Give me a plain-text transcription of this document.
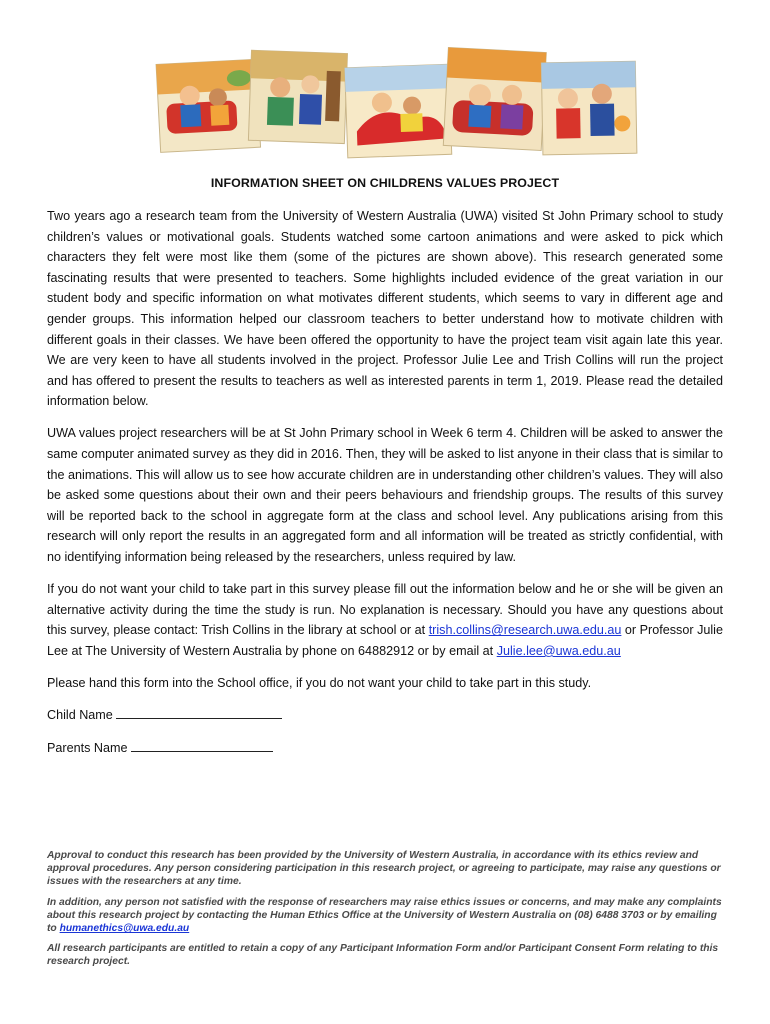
INFORMATION SHEET ON CHILDRENS VALUES PROJECT

Two years ago a research team from the University of Western Australia (UWA) visited St John Primary school to study children’s values or motivational goals. Students watched some cartoon animations and were asked to pick which characters they felt were most like them (some of the pictures are shown above). This research generated some fascinating results that were presented to teachers. Some highlights included evidence of the great variation in our student body and specific information on what motivates different students, which seems to vary in different age and gender groups. This information helped our classroom teachers to better understand how to motivate children with different goals in their classes. We have been offered the opportunity to have the project team visit again late this year. We are very keen to have all students involved in the project. Professor Julie Lee and Trish Collins will run the project and has offered to present the results to teachers as well as interested parents in term 1, 2019. Please read the detailed information below.

UWA values project researchers will be at St John Primary school in Week 6 term 4. Children will be asked to answer the same computer animated survey as they did in 2016. Then, they will be asked to list anyone in their class that is similar to the animations. This will allow us to see how accurate children are in understanding other children’s values. They will also be asked some questions about their own and their peers behaviours and friendship groups. The results of this survey will be reported back to the school in aggregate form at the class and school level. Any publications arising from this research will only report the results in an aggregated form and all information will be treated as strictly confidential, with no identifying information being released by the researchers, unless required by law.

If you do not want your child to take part in this survey please fill out the information below and he or she will be given an alternative activity during the time the study is run. No explanation is necessary. Should you have any questions about this survey, please contact: Trish Collins in the library at school or at trish.collins@research.uwa.edu.au or Professor Julie Lee at The University of Western Australia by phone on 64882912 or by email at Julie.lee@uwa.edu.au

Please hand this form into the School office, if you do not want your child to take part in this study.

Child Name
Parents Name

Approval to conduct this research has been provided by the University of Western Australia, in accordance with its ethics review and approval procedures. Any person considering participation in this research project, or agreeing to participate, may raise any questions or issues with the researchers at any time.

In addition, any person not satisfied with the response of researchers may raise ethics issues or concerns, and may make any complaints about this research project by contacting the Human Ethics Office at the University of Western Australia on (08) 6488 3703 or by emailing to humanethics@uwa.edu.au

All research participants are entitled to retain a copy of any Participant Information Form and/or Participant Consent Form relating to this research project.
